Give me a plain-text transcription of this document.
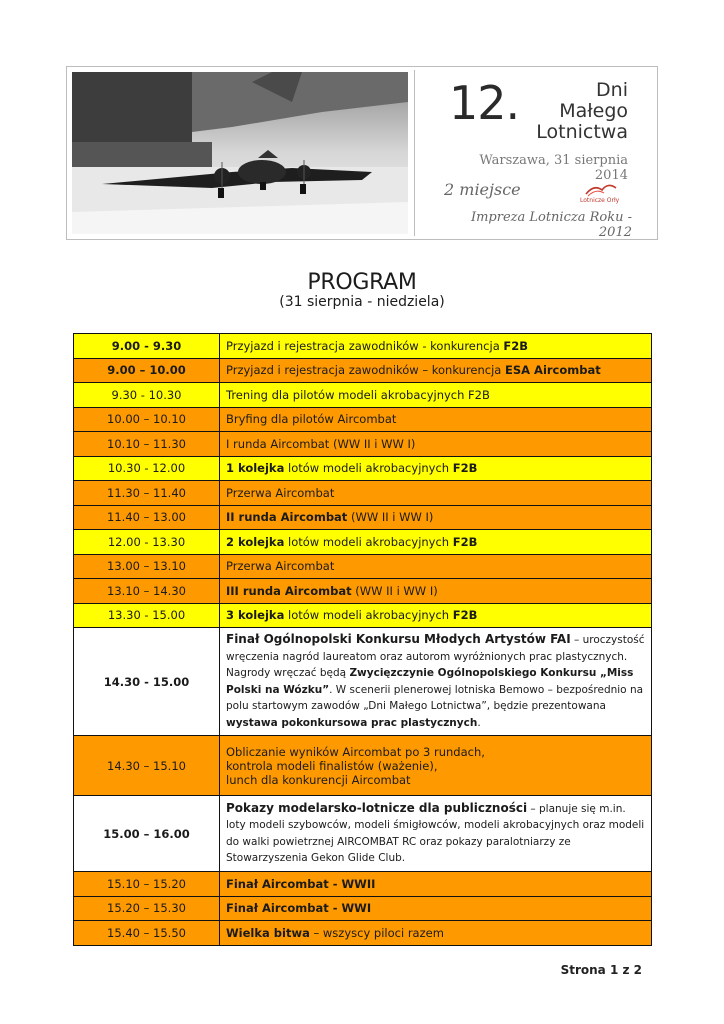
12.	Dni
Małego
Lotnictwa
Warszawa, 31 sierpnia 2014
2 miejsce
Lotnicze Orły
Impreza Lotnicza Roku - 2012
PROGRAM
(31 sierpnia - niedziela)
9.00 - 9.30	Przyjazd i rejestracja zawodników - konkurencja F2B
9.00 – 10.00	Przyjazd i rejestracja zawodników – konkurencja ESA Aircombat
9.30 - 10.30	Trening dla pilotów modeli akrobacyjnych F2B
10.00 – 10.10	Bryfing dla pilotów Aircombat
10.10 – 11.30	I runda Aircombat (WW II i WW I)
10.30 - 12.00	1 kolejka lotów modeli akrobacyjnych F2B
11.30 – 11.40	Przerwa Aircombat
11.40 – 13.00	II runda Aircombat (WW II i WW I)
12.00 - 13.30	2 kolejka lotów modeli akrobacyjnych F2B
13.00 – 13.10	Przerwa Aircombat
13.10 – 14.30	III runda Aircombat (WW II i WW I)
13.30 - 15.00	3 kolejka lotów modeli akrobacyjnych F2B
14.30 - 15.00	Finał Ogólnopolski Konkursu Młodych Artystów FAI – uroczystość wręczenia nagród laureatom oraz autorom wyróżnionych prac plastycznych. Nagrody wręczać będą Zwycięzczynie Ogólnopolskiego Konkursu „Miss Polski na Wózku”. W scenerii plenerowej lotniska Bemowo – bezpośrednio na polu startowym zawodów „Dni Małego Lotnictwa”, będzie prezentowana wystawa pokonkursowa prac plastycznych.
14.30 – 15.10	Obliczanie wyników Aircombat po 3 rundach,
kontrola modeli finalistów (ważenie),
lunch dla konkurencji Aircombat
15.00 – 16.00	Pokazy modelarsko-lotnicze dla publiczności – planuje się m.in. loty modeli szybowców, modeli śmigłowców, modeli akrobacyjnych oraz modeli do walki powietrznej AIRCOMBAT RC oraz pokazy paralotniarzy ze Stowarzyszenia Gekon Glide Club.
15.10 – 15.20	Finał Aircombat - WWII
15.20 – 15.30	Finał Aircombat - WWI
15.40 – 15.50	Wielka bitwa – wszyscy piloci razem
Strona 1 z 2
